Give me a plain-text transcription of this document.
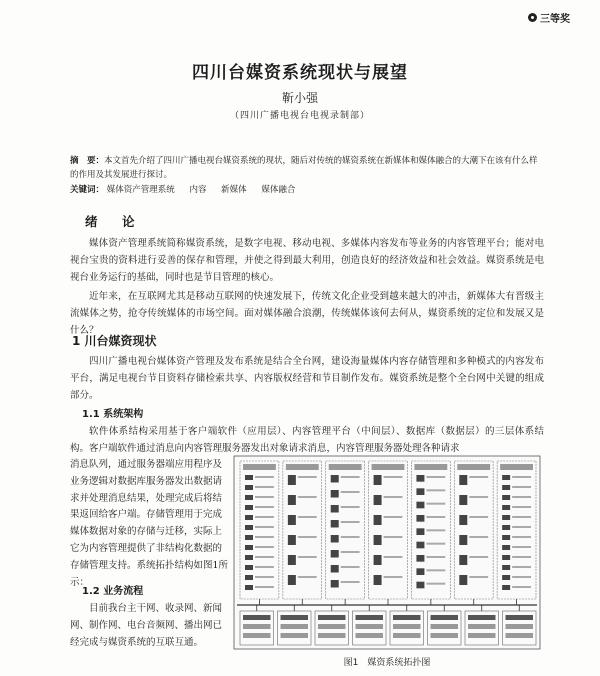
三等奖
四川台媒资系统现状与展望
靳小强
（四川广播电视台电视录制部）
摘　要：本文首先介绍了四川广播电视台媒资系统的现状，随后对传统的媒资系统在新媒体和媒体融合的大潮下在该有什么样的作用及其发展进行探讨。
关键词： 媒体资产管理系统 内容 新媒体 媒体融合
绪　论

媒体资产管理系统简称媒资系统，是数字电视、移动电视、多媒体内容发布等业务的内容管理平台；能对电视台宝贵的资料进行妥善的保存和管理，并使之得到最大利用，创造良好的经济效益和社会效益。媒资系统是电视台业务运行的基础，同时也是节目管理的核心。

近年来，在互联网尤其是移动互联网的快速发展下，传统文化企业受到越来越大的冲击，新媒体大有晋级主流媒体之势，抢夺传统媒体的市场空间。面对媒体融合浪潮，传统媒体该何去何从，媒资系统的定位和发展又是什么？

1 川台媒资现状

四川广播电视台媒体资产管理及发布系统是结合全台网，建设海量媒体内容存储管理和多种模式的内容发布平台，满足电视台节目资料存储检索共享、内容版权经营和节目制作发布。媒资系统是整个全台网中关键的组成部分。

1.1 系统架构

软件体系结构采用基于客户端软件（应用层）、内容管理平台（中间层）、数据库（数据层）的三层体系结构。客户端软件通过消息向内容管理服务器发出对象请求消息，内容管理服务器处理各种请求

消息队列，通过服务器端应用程序及业务逻辑对数据库服务器发出数据请求并处理消息结果，处理完成后将结果返回给客户端。存储管理用于完成媒体数据对象的存储与迁移，实际上它为内容管理提供了非结构化数据的存储管理支持。系统拓扑结构如图1所示：

1.2 业务流程

目前我台主干网、收录网、新闻网、制作网、电台音频网、播出网已经完成与媒资系统的互联互通。

图1　媒资系统拓扑图
